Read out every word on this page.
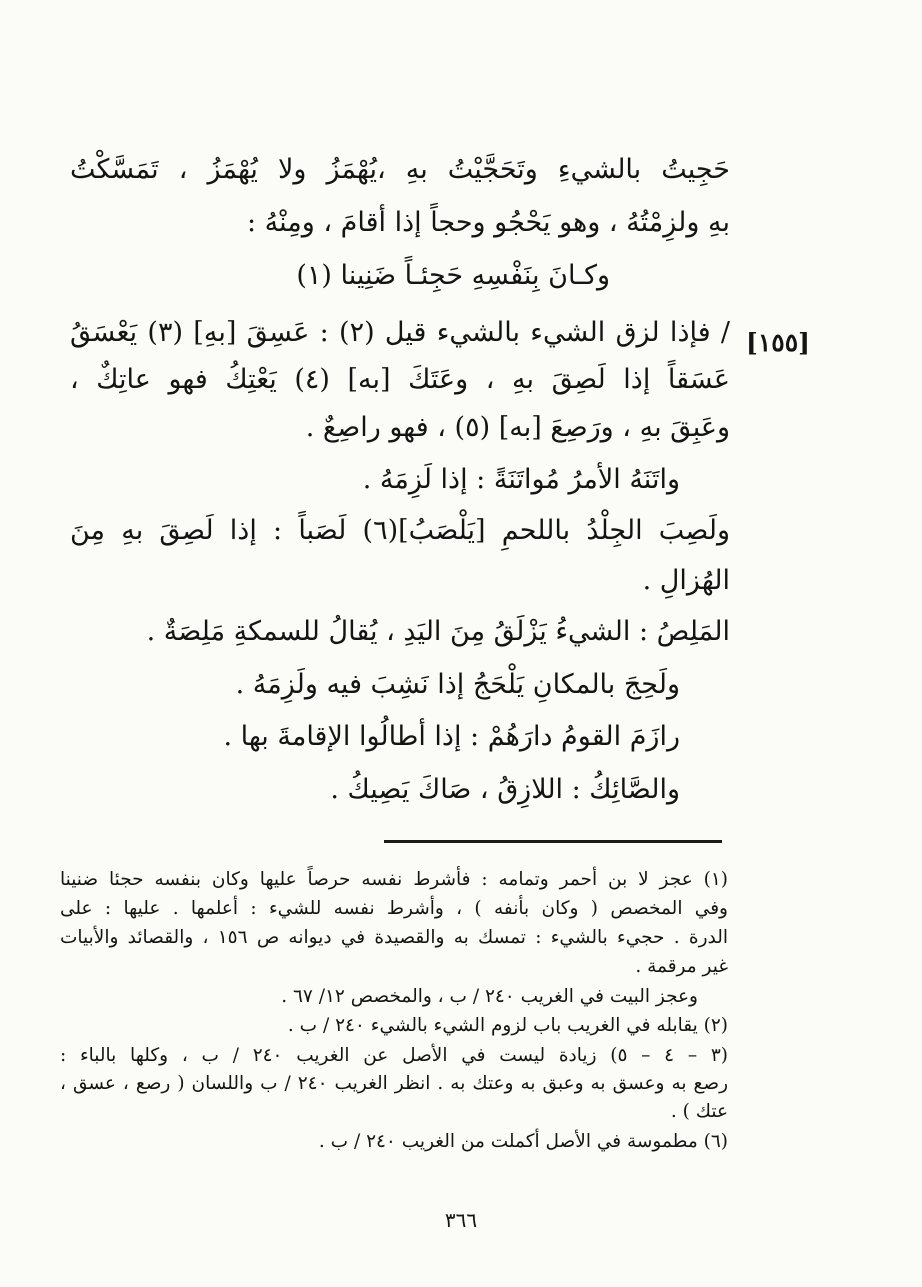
حَجِيتُ بالشيءِ وتَحَجَّيْتُ بهِ ،يُهْمَزُ ولا يُهْمَزُ ، تَمَسَّكْتُ
بهِ ولزِمْتُهُ ، وهو يَحْجُو وحجاً إذا أقامَ ، ومِنْهُ :
وكـانَ بِنَفْسِهِ حَجِئـاً ضَنِينا (١)
/ فإذا لزق الشيء بالشيء قيل (٢) : عَسِقَ [بهِ] (٣) يَعْسَقُ
عَسَقاً إذا لَصِقَ بهِ ، وعَتَكَ [به] (٤) يَعْتِكُ فهو عاتِكٌ ،
وعَبِقَ بهِ ، ورَصِعَ [به] (٥) ، فهو راصِعٌ .
واتَنَهُ الأمرُ مُواتَنَةً : إذا لَزِمَهُ .
ولَصِبَ الجِلْدُ باللحمِ [يَلْصَبُ](٦) لَصَباً : إذا لَصِقَ بهِ مِنَ
الهُزالِ .
المَلِصُ : الشيءُ يَزْلَقُ مِنَ اليَدِ ، يُقالُ للسمكةِ مَلِصَةٌ .
ولَحِجَ بالمكانِ يَلْحَجُ إذا نَشِبَ فيه ولَزِمَهُ .
رازَمَ القومُ دارَهُمْ : إذا أطالُوا الإقامةَ بها .
والصَّائِكُ : اللازِقُ ، صَاكَ يَصِيكُ .
[١٥٥]
(١) عجز لا بن أحمر وتمامه : فأشرط نفسه حرصاً عليها وكان بنفسه حجئا ضنينا
وفي المخصص ( وكان بأنفه ) ، وأشرط نفسه للشيء : أعلمها . عليها : على
الدرة . حجيء بالشيء : تمسك به والقصيدة في ديوانه ص ١٥٦ ، والقصائد والأبيات
غير مرقمة .
وعجز البيت في الغريب ٢٤٠ / ب ، والمخصص ١٢/ ٦٧ .
(٢) يقابله في الغريب باب لزوم الشيء بالشيء ٢٤٠ / ب .
(٣ – ٤ – ٥) زيادة ليست في الأصل عن الغريب ٢٤٠ / ب ، وكلها بالباء :
رصع به وعسق به وعبق به وعتك به . انظر الغريب ٢٤٠ / ب واللسان ( رصع ، عسق ،
عتك ) .
(٦) مطموسة في الأصل أكملت من الغريب ٢٤٠ / ب .
٣٦٦
